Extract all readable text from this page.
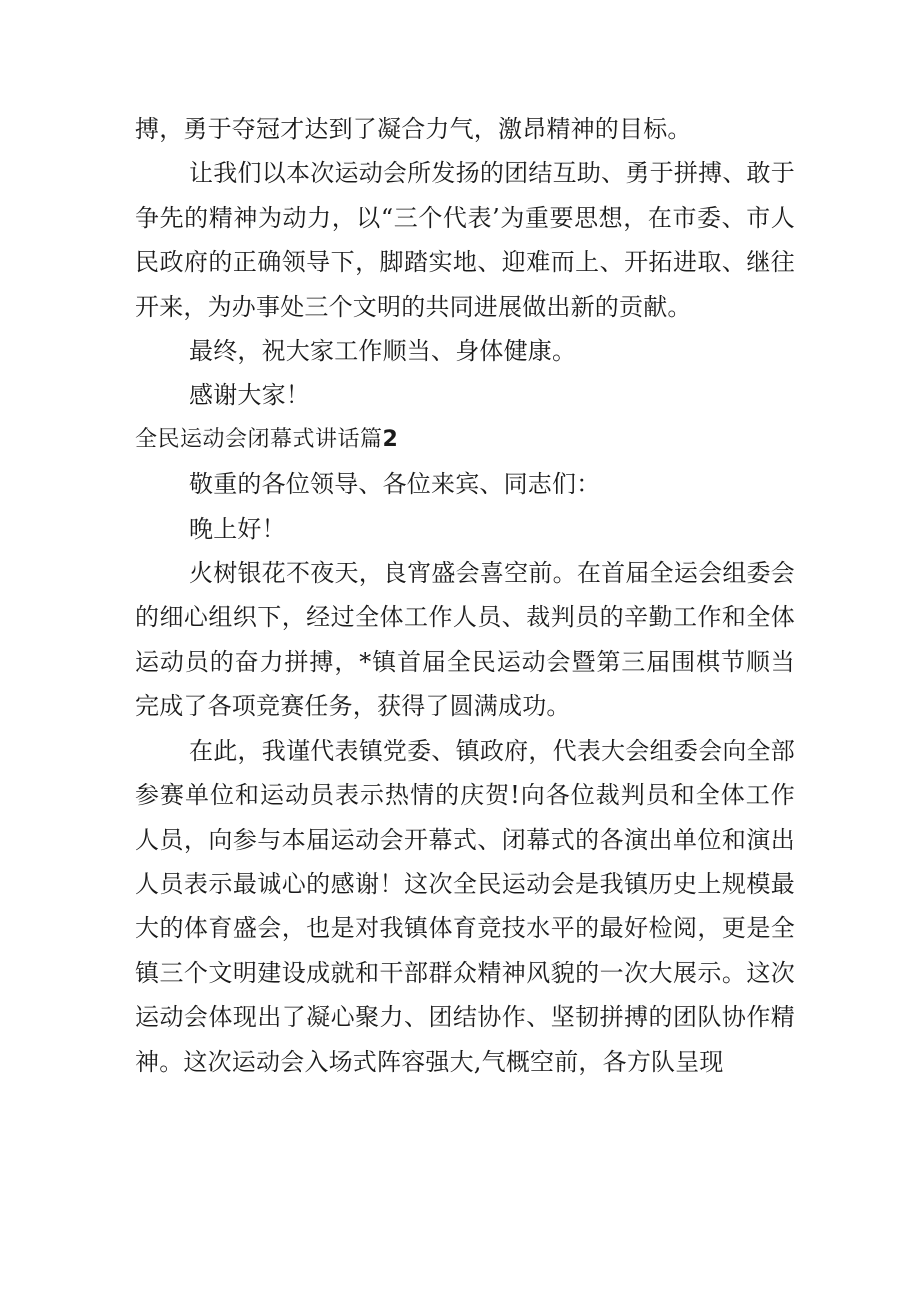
搏，勇于夺冠才达到了凝合力气，激昂精神的目标。

让我们以本次运动会所发扬的团结互助、勇于拼搏、敢于争先的精神为动力，以“三个代表’为重要思想，在市委、市人民政府的正确领导下，脚踏实地、迎难而上、开拓进取、继往开来，为办事处三个文明的共同进展做出新的贡献。

最终，祝大家工作顺当、身体健康。

感谢大家！

全民运动会闭幕式讲话篇2

敬重的各位领导、各位来宾、同志们：

晚上好！

火树银花不夜天，良宵盛会喜空前。在首届全运会组委会的细心组织下，经过全体工作人员、裁判员的辛勤工作和全体运动员的奋力拼搏，*镇首届全民运动会暨第三届围棋节顺当完成了各项竞赛任务，获得了圆满成功。

在此，我谨代表镇党委、镇政府，代表大会组委会向全部参赛单位和运动员表示热情的庆贺!向各位裁判员和全体工作人员，向参与本届运动会开幕式、闭幕式的各演出单位和演出人员表示最诚心的感谢！这次全民运动会是我镇历史上规模最大的体育盛会，也是对我镇体育竞技水平的最好检阅，更是全镇三个文明建设成就和干部群众精神风貌的一次大展示。这次运动会体现出了凝心聚力、团结协作、坚韧拼搏的团队协作精神。这次运动会入场式阵容强大,气概空前，各方队呈现
